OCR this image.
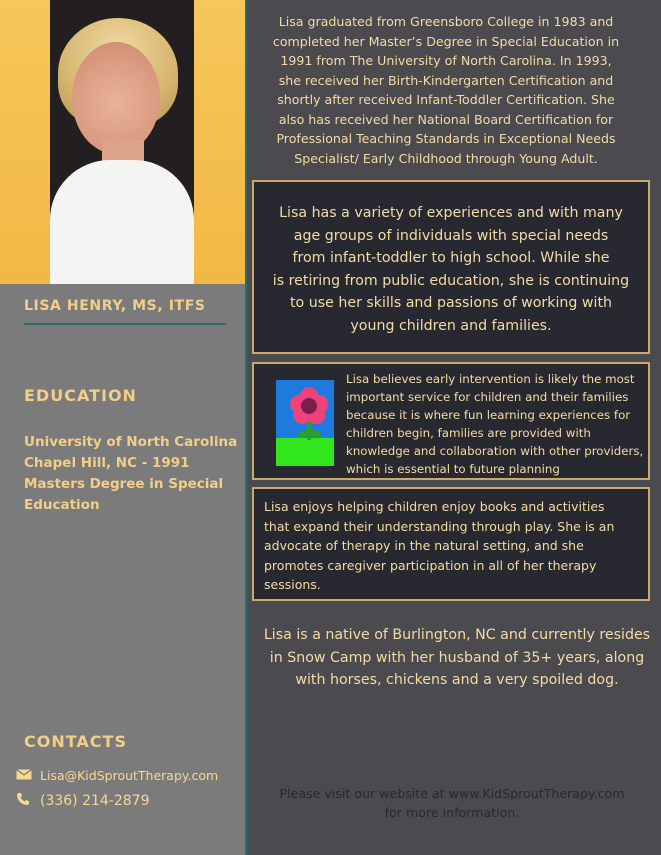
LISA HENRY, MS, ITFS
EDUCATION
University of North Carolina
Chapel Hill, NC - 1991
Masters Degree in Special
Education
CONTACTS
Lisa@KidSproutTherapy.com
(336) 214-2879
Lisa graduated from Greensboro College in 1983 and
completed her Master’s Degree in Special Education in
1991 from The University of North Carolina. In 1993,
she received her Birth-Kindergarten Certification and
shortly after received Infant-Toddler Certification. She
also has received her National Board Certification for
Professional Teaching Standards in Exceptional Needs
Specialist/ Early Childhood through Young Adult.
Lisa has a variety of experiences and with many
age groups of individuals with special needs
from infant-toddler to high school. While she
is retiring from public education, she is continuing
to use her skills and passions of working with
young children and families.
Lisa believes early intervention is likely the most
important service for children and their families
because it is where fun learning experiences for
children begin, families are provided with
knowledge and collaboration with other providers,
which is essential to future planning
Lisa enjoys helping children enjoy books and activities
that expand their understanding through play. She is an
advocate of therapy in the natural setting, and she
promotes caregiver participation in all of her therapy
sessions.
Lisa is a native of Burlington, NC and currently resides
in Snow Camp with her husband of 35+ years, along
with horses, chickens and a very spoiled dog.
Please visit our website at www.KidSproutTherapy.com
for more information.
